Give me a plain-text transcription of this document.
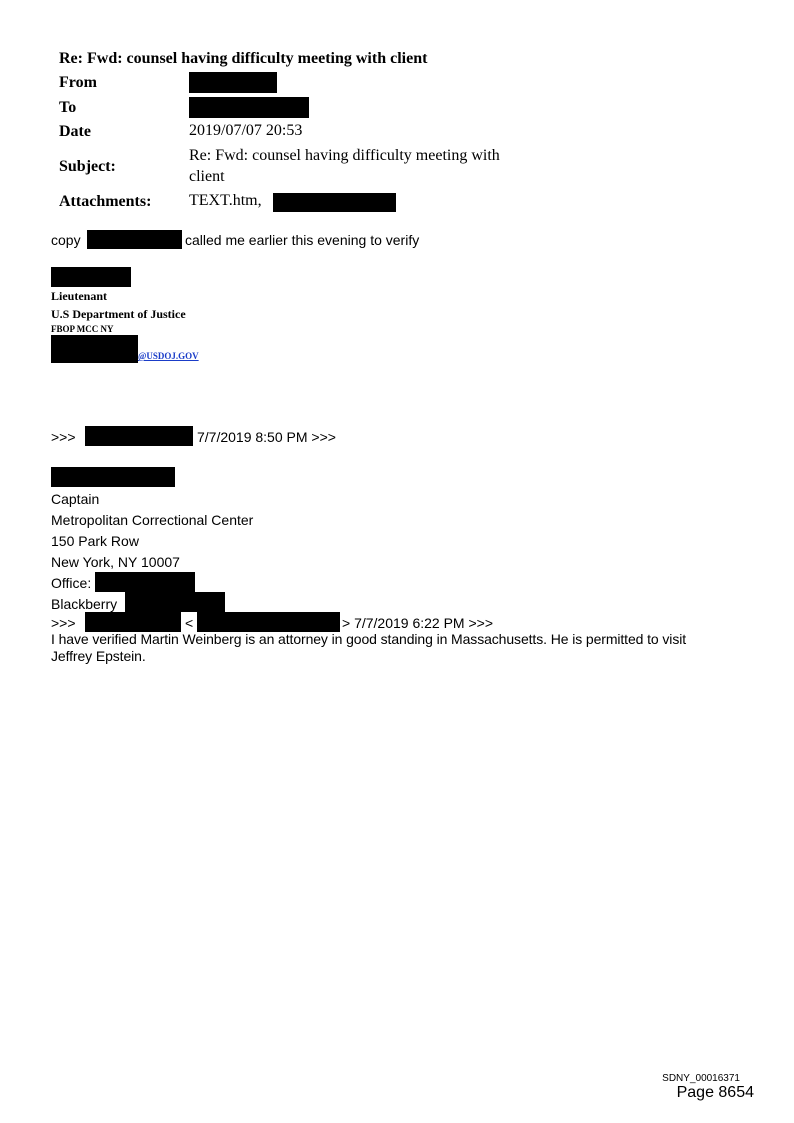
Re: Fwd: counsel having difficulty meeting with client
From
To
Date	2019/07/07 20:53
Subject:
Re: Fwd: counsel having difficulty meeting with
client
Attachments: TEXT.htm,
copy	called me earlier this evening to verify
Lieutenant
U.S Department of Justice
FBOP MCC NY
@USDOJ.GOV
>>>	7/7/2019 8:50 PM >>>
Captain
Metropolitan Correctional Center
150 Park Row
New York, NY 10007
Office:
Blackberry
>>>	<	> 7/7/2019 6:22 PM >>>
I have verified Martin Weinberg is an attorney in good standing in Massachusetts. He is permitted to visit
Jeffrey Epstein.
SDNY_00016371
Page 8654
